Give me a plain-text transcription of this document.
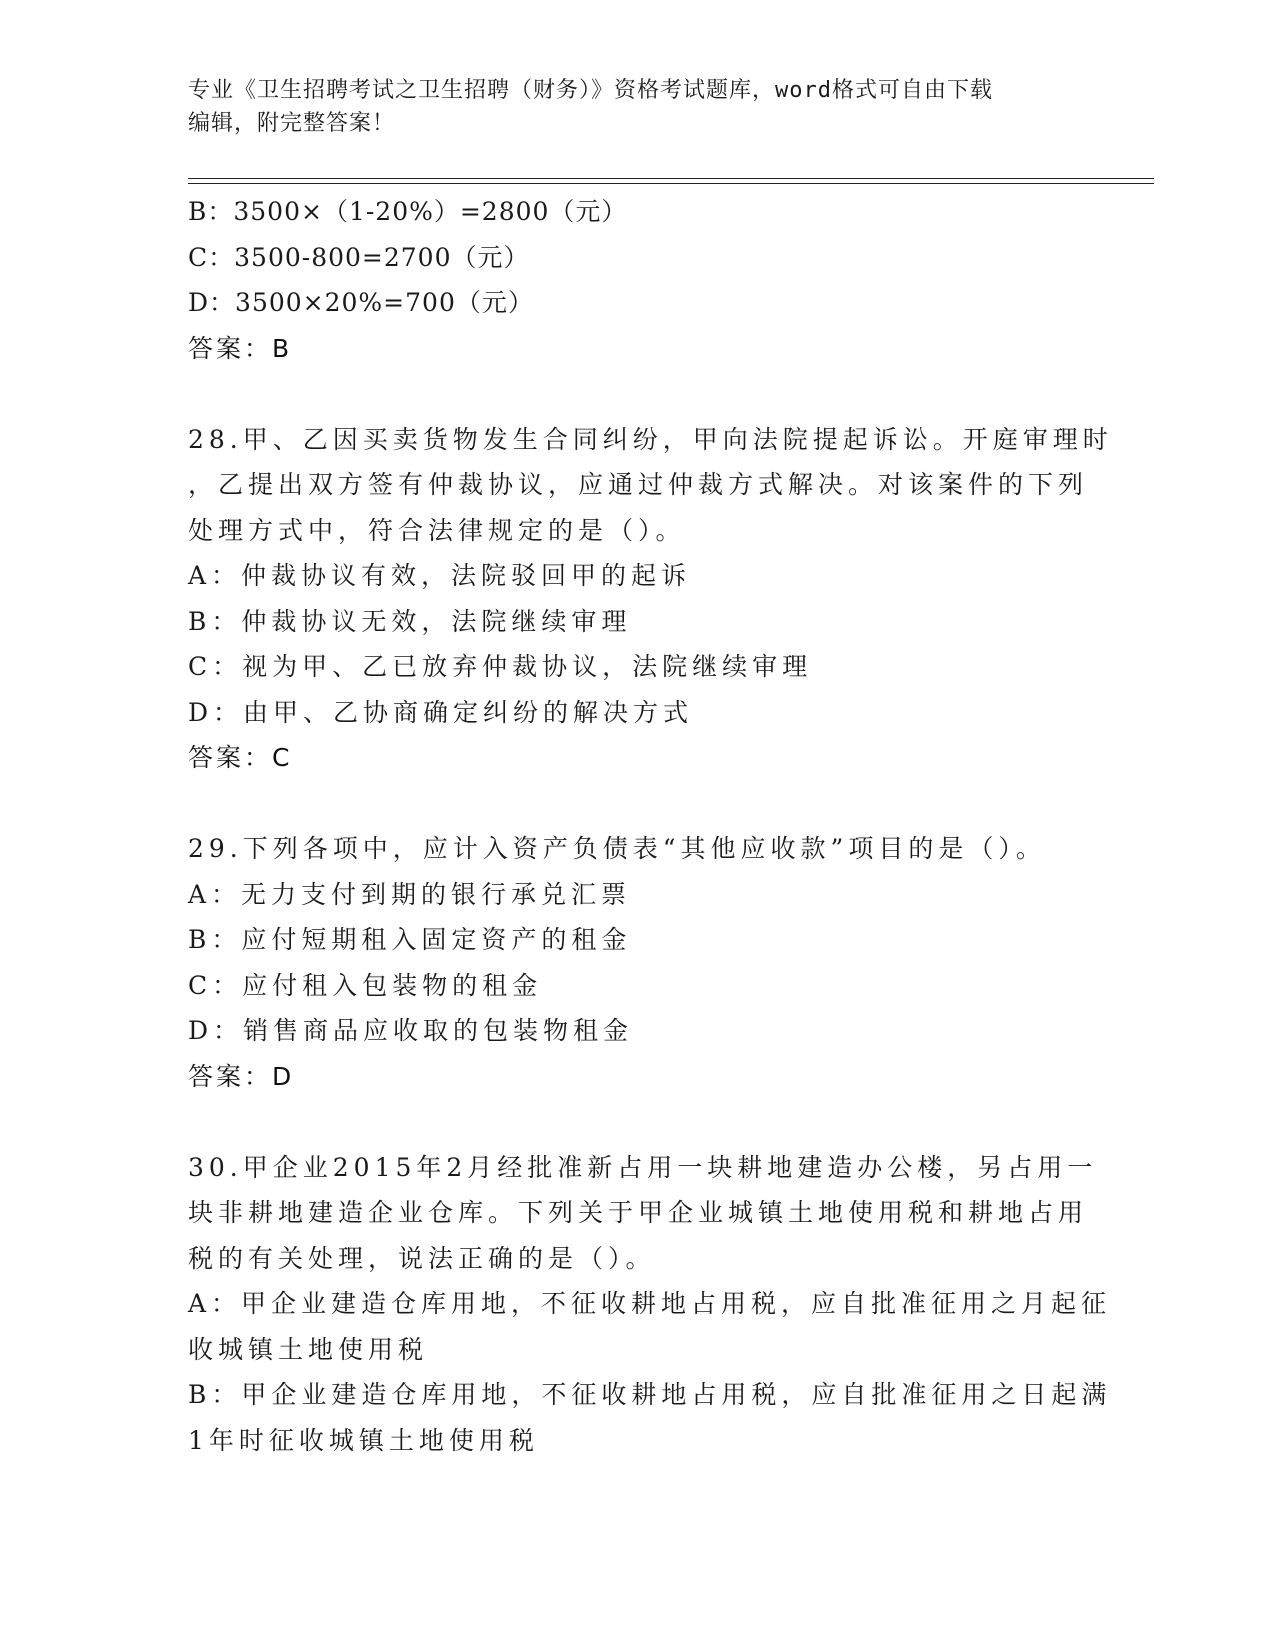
专业《卫生招聘考试之卫生招聘（财务）》资格考试题库，word格式可自由下载
编辑，附完整答案！
B：3500×（1-20%）=2800（元）
C：3500-800=2700（元）
D：3500×20%=700（元）
答案：B
28.甲、乙因买卖货物发生合同纠纷，甲向法院提起诉讼。开庭审理时
，乙提出双方签有仲裁协议，应通过仲裁方式解决。对该案件的下列
处理方式中，符合法律规定的是（）。
A：仲裁协议有效，法院驳回甲的起诉
B：仲裁协议无效，法院继续审理
C：视为甲、乙已放弃仲裁协议，法院继续审理
D：由甲、乙协商确定纠纷的解决方式
答案：C
29.下列各项中，应计入资产负债表“其他应收款”项目的是（）。
A：无力支付到期的银行承兑汇票
B：应付短期租入固定资产的租金
C：应付租入包装物的租金
D：销售商品应收取的包装物租金
答案：D
30.甲企业2015年2月经批准新占用一块耕地建造办公楼，另占用一
块非耕地建造企业仓库。下列关于甲企业城镇土地使用税和耕地占用
税的有关处理，说法正确的是（）。
A：甲企业建造仓库用地，不征收耕地占用税，应自批准征用之月起征
收城镇土地使用税
B：甲企业建造仓库用地，不征收耕地占用税，应自批准征用之日起满
1年时征收城镇土地使用税
